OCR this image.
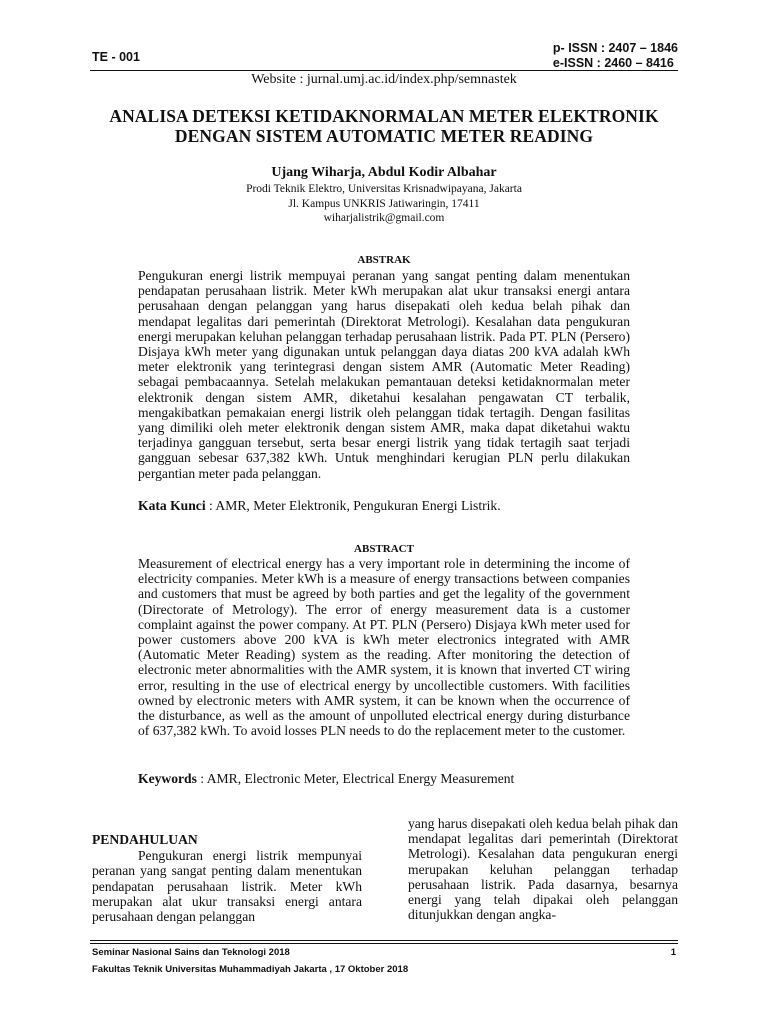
TE - 001
p- ISSN : 2407 – 1846
e-ISSN : 2460 – 8416
Website : jurnal.umj.ac.id/index.php/semnastek
ANALISA DETEKSI KETIDAKNORMALAN METER ELEKTRONIK
DENGAN SISTEM AUTOMATIC METER READING
Ujang Wiharja, Abdul Kodir Albahar
Prodi Teknik Elektro, Universitas Krisnadwipayana, Jakarta
Jl. Kampus UNKRIS Jatiwaringin, 17411
wiharjalistrik@gmail.com
ABSTRAK
Pengukuran energi listrik mempuyai peranan yang sangat penting dalam menentukan pendapatan perusahaan listrik. Meter kWh merupakan alat ukur transaksi energi antara perusahaan dengan pelanggan yang harus disepakati oleh kedua belah pihak dan mendapat legalitas dari pemerintah (Direktorat Metrologi). Kesalahan data pengukuran energi merupakan keluhan pelanggan terhadap perusahaan listrik. Pada PT. PLN (Persero) Disjaya kWh meter yang digunakan untuk pelanggan daya diatas 200 kVA adalah kWh meter elektronik yang terintegrasi dengan sistem AMR (Automatic Meter Reading) sebagai pembacaannya. Setelah melakukan pemantauan deteksi ketidaknormalan meter elektronik dengan sistem AMR, diketahui kesalahan pengawatan CT terbalik, mengakibatkan pemakaian energi listrik oleh pelanggan tidak tertagih. Dengan fasilitas yang dimiliki oleh meter elektronik dengan sistem AMR, maka dapat diketahui waktu terjadinya gangguan tersebut, serta besar energi listrik yang tidak tertagih saat terjadi gangguan sebesar 637,382 kWh. Untuk menghindari kerugian PLN perlu dilakukan pergantian meter pada pelanggan.
Kata Kunci : AMR, Meter Elektronik, Pengukuran Energi Listrik.
ABSTRACT
Measurement of electrical energy has a very important role in determining the income of electricity companies. Meter kWh is a measure of energy transactions between companies and customers that must be agreed by both parties and get the legality of the government (Directorate of Metrology). The error of energy measurement data is a customer complaint against the power company. At PT. PLN (Persero) Disjaya kWh meter used for power customers above 200 kVA is kWh meter electronics integrated with AMR (Automatic Meter Reading) system as the reading. After monitoring the detection of electronic meter abnormalities with the AMR system, it is known that inverted CT wiring error, resulting in the use of electrical energy by uncollectible customers. With facilities owned by electronic meters with AMR system, it can be known when the occurrence of the disturbance, as well as the amount of unpolluted electrical energy during disturbance of 637,382 kWh. To avoid losses PLN needs to do the replacement meter to the customer.
Keywords : AMR, Electronic Meter, Electrical Energy Measurement
PENDAHULUAN
Pengukuran energi listrik mempunyai peranan yang sangat penting dalam menentukan pendapatan perusahaan listrik. Meter kWh merupakan alat ukur transaksi energi antara perusahaan dengan pelanggan
yang harus disepakati oleh kedua belah pihak dan mendapat legalitas dari pemerintah (Direktorat Metrologi). Kesalahan data pengukuran energi merupakan keluhan pelanggan terhadap perusahaan listrik. Pada dasarnya, besarnya energi yang telah dipakai oleh pelanggan ditunjukkan dengan angka-
Seminar Nasional Sains dan Teknologi 2018	1
Fakultas Teknik Universitas Muhammadiyah Jakarta , 17 Oktober 2018
